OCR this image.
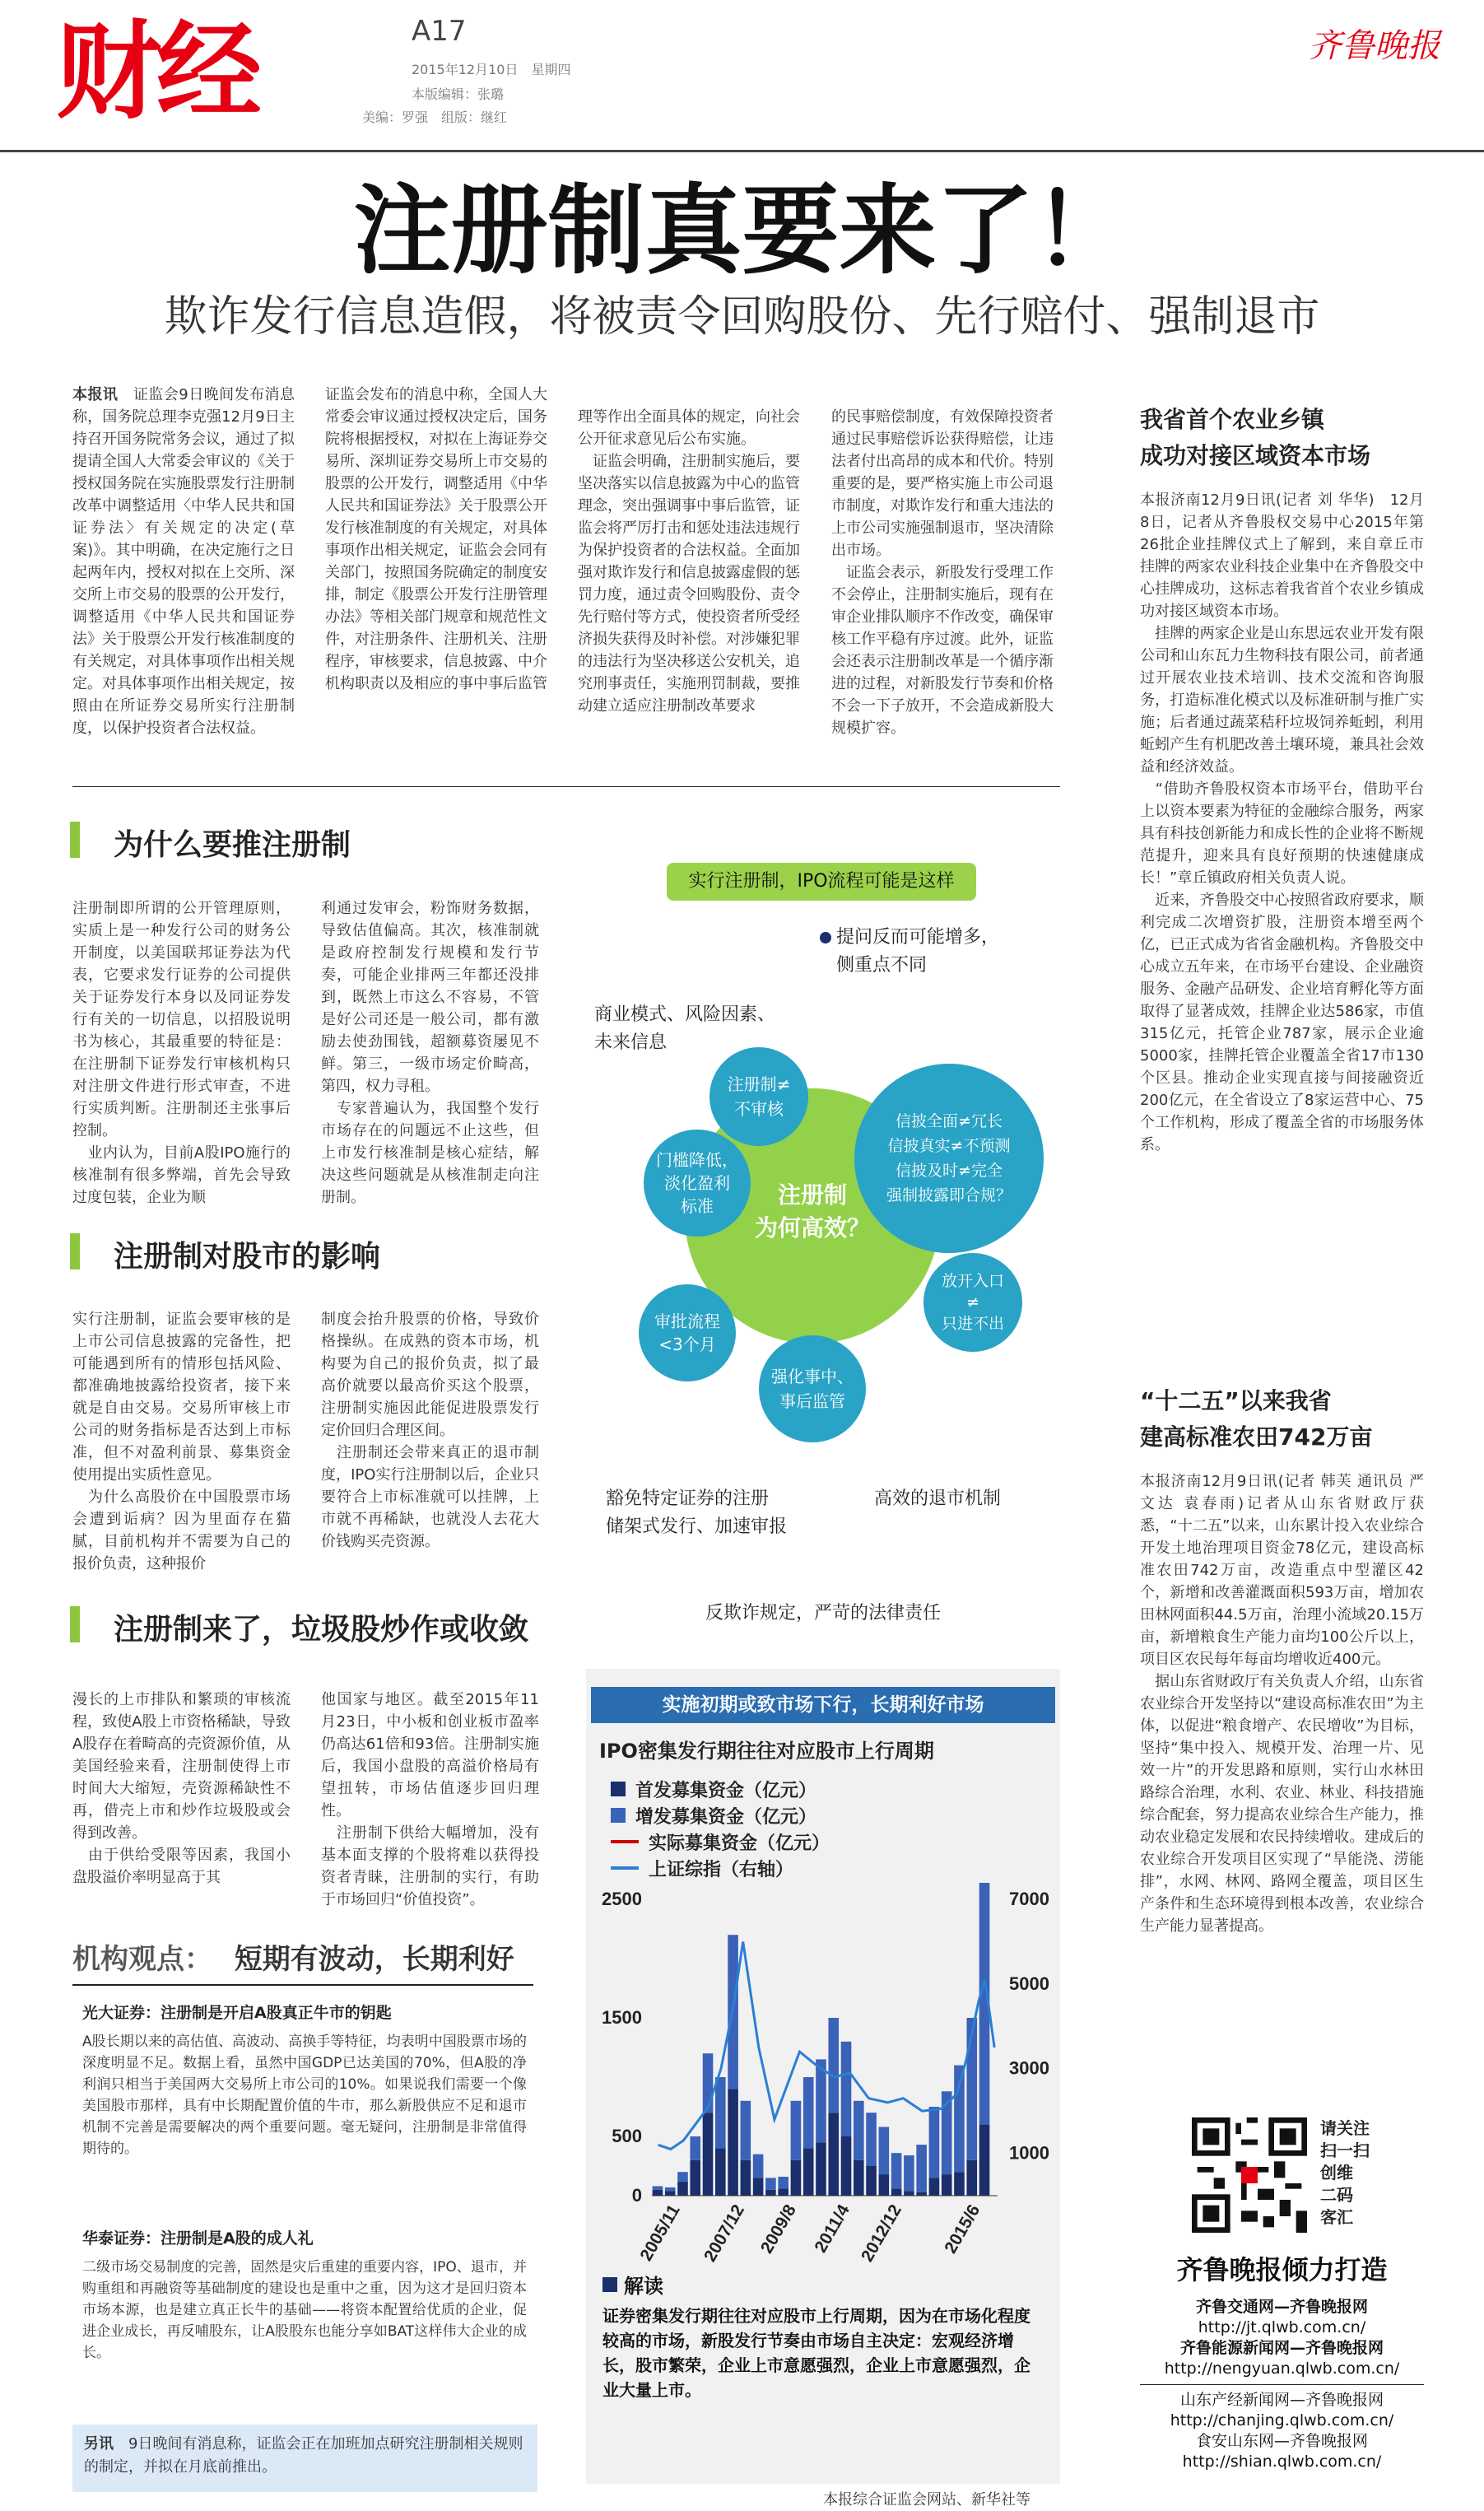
财经	A17
2015年12月10日　星期四
本版编辑：张璐
美编：罗强　组版：继红
齐鲁晚报
注册制真要来了！
欺诈发行信息造假，将被责令回购股份、先行赔付、强制退市
本报讯　 证监会9日晚间发布消息称，国务院总理李克强12月9日主持召开国务院常务会议，通过了拟提请全国人大常委会审议的《关于授权国务院在实施股票发行注册制改革中调整适用〈中华人民共和国证券法〉有关规定的决定(草案)》。其中明确，在决定施行之日起两年内，授权对拟在上交所、深交所上市交易的股票的公开发行，调整适用《中华人民共和国证券法》关于股票公开发行核准制度的有关规定，对具体事项作出相关规定。对具体事项作出相关规定，按照由在所证券交易所实行注册制度，以保护投资者合法权益。
证监会发布的消息中称，全国人大常委会审议通过授权决定后，国务院将根据授权，对拟在上海证券交易所、深圳证券交易所上市交易的股票的公开发行，调整适用《中华人民共和国证券法》关于股票公开发行核准制度的有关规定，对具体事项作出相关规定，证监会会同有关部门，按照国务院确定的制度安排，制定《股票公开发行注册管理办法》等相关部门规章和规范性文件，对注册条件、注册机关、注册程序，审核要求，信息披露、中介机构职责以及相应的事中事后监管

理等作出全面具体的规定，向社会公开征求意见后公布实施。
　证监会明确，注册制实施后，要坚决落实以信息披露为中心的监管理念，突出强调事中事后监管，证监会将严厉打击和惩处违法违规行为保护投资者的合法权益。全面加强对欺诈发行和信息披露虚假的惩罚力度，通过责令回购股份、责令先行赔付等方式，使投资者所受经济损失获得及时补偿。对涉嫌犯罪的违法行为坚决移送公安机关，追究刑事责任，实施刑罚制裁，要推动建立适应注册制改革要求

的民事赔偿制度，有效保障投资者通过民事赔偿诉讼获得赔偿，让违法者付出高昂的成本和代价。特别重要的是，要严格实施上市公司退市制度，对欺诈发行和重大违法的上市公司实施强制退市，坚决清除出市场。
　证监会表示，新股发行受理工作不会停止，注册制实施后，现有在审企业排队顺序不作改变，确保审核工作平稳有序过渡。此外，证监会还表示注册制改革是一个循序渐进的过程，对新股发行节奏和价格不会一下子放开，不会造成新股大规模扩容。

为什么要推注册制

注册制即所谓的公开管理原则，实质上是一种发行公司的财务公开制度，以美国联邦证券法为代表，它要求发行证券的公司提供关于证券发行本身以及同证券发行有关的一切信息，以招股说明书为核心，其最重要的特征是：在注册制下证券发行审核机构只对注册文件进行形式审查，不进行实质判断。注册制还主张事后控制。
　业内认为，目前A股IPO施行的核准制有很多弊端，首先会导致过度包装，企业为顺

利通过发审会，粉饰财务数据，导致估值偏高。其次，核准制就是政府控制发行规模和发行节奏，可能企业排两三年都还没排到，既然上市这么不容易，不管是好公司还是一般公司，都有激励去使劲围钱，超额募资屡见不鲜。第三，一级市场定价畸高，第四，权力寻租。
　专家普遍认为，我国整个发行市场存在的问题远不止这些，但上市发行核准制是核心症结，解决这些问题就是从核准制走向注册制。

注册制对股市的影响

实行注册制，证监会要审核的是上市公司信息披露的完备性，把可能遇到所有的情形包括风险、都准确地披露给投资者，接下来就是自由交易。交易所审核上市公司的财务指标是否达到上市标准，但不对盈利前景、募集资金使用提出实质性意见。
　为什么高股价在中国股票市场会遭到诟病？因为里面存在猫腻，目前机构并不需要为自己的报价负责，这种报价

制度会抬升股票的价格，导致价格操纵。在成熟的资本市场，机构要为自己的报价负责，拟了最高价就要以最高价买这个股票，注册制实施因此能促进股票发行定价回归合理区间。
　注册制还会带来真正的退市制度，IPO实行注册制以后，企业只要符合上市标准就可以挂牌，上市就不再稀缺，也就没人去花大价钱购买壳资源。

注册制来了，垃圾股炒作或收敛

漫长的上市排队和繁琐的审核流程，致使A股上市资格稀缺，导致A股存在着畸高的壳资源价值，从美国经验来看，注册制使得上市时间大大缩短，壳资源稀缺性不再，借壳上市和炒作垃圾股或会得到改善。
　由于供给受限等因素，我国小盘股溢价率明显高于其

他国家与地区。截至2015年11月23日，中小板和创业板市盈率仍高达61倍和93倍。注册制实施后，我国小盘股的高溢价格局有望扭转，市场估值逐步回归理性。
　注册制下供给大幅增加，没有基本面支撑的个股将难以获得投资者青睐，注册制的实行，有助于市场回归“价值投资”。

机构观点： 短期有波动，长期利好
光大证券：注册制是开启A股真正牛市的钥匙
A股长期以来的高估值、高波动、高换手等特征，均表明中国股票市场的深度明显不足。数据上看，虽然中国GDP已达美国的70%，但A股的净利润只相当于美国两大交易所上市公司的10%。如果说我们需要一个像美国股市那样，具有中长期配置价值的牛市，那么新股供应不足和退市机制不完善是需要解决的两个重要问题。毫无疑问，注册制是非常值得期待的。
华泰证券：注册制是A股的成人礼
二级市场交易制度的完善，固然是灾后重建的重要内容，IPO、退市，并购重组和再融资等基础制度的建设也是重中之重，因为这才是回归资本市场本源，也是建立真正长牛的基础——将资本配置给优质的企业，促进企业成长，再反哺股东，让A股股东也能分享如BAT这样伟大企业的成长。
另讯　 9日晚间有消息称，证监会正在加班加点研究注册制相关规则的制定，并拟在月底前推出。
实行注册制，IPO流程可能是这样
提问反而可能增多，
侧重点不同
商业模式、风险因素、
未来信息
注册制
为何高效？
注册制≠
不审核
信披全面≠冗长
信披真实≠不预测
信披及时≠完全
强制披露即合规？
门槛降低，
淡化盈利
标准
放开入口
≠
只进不出
审批流程
<3个月
强化事中、
事后监管
豁免特定证券的注册
储架式发行、加速审报
高效的退市机制
反欺诈规定，严苛的法律责任
实施初期或致市场下行，长期利好市场
IPO密集发行期往往对应股市上行周期
首发募集资金（亿元）
增发募集资金（亿元）
实际募集资金（亿元）
上证综指（右轴）
0
500
1500
2500
1000
3000
5000
7000
2005/11 2007/12 2009/8 2011/4 2012/12 2015/6
解读
证券密集发行期往往对应股市上行周期，因为在市场化程度较高的市场，新股发行节奏由市场自主决定：宏观经济增长，股市繁荣，企业上市意愿强烈，企业上市意愿强烈，企业大量上市。
本报综合证监会网站、新华社等
我省首个农业乡镇
成功对接区域资本市场
本报济南12月9日讯(记者 刘 华华)　12月8日，记者从齐鲁股权交易中心2015年第26批企业挂牌仪式上了解到，来自章丘市挂牌的两家农业科技企业集中在齐鲁股交中心挂牌成功，这标志着我省首个农业乡镇成功对接区域资本市场。
　挂牌的两家企业是山东思远农业开发有限公司和山东瓦力生物科技有限公司，前者通过开展农业技术培训、技术交流和咨询服务，打造标准化模式以及标准研制与推广实施；后者通过蔬菜秸秆垃圾饲养蚯蚓，利用蚯蚓产生有机肥改善土壤环境，兼具社会效益和经济效益。
　“借助齐鲁股权资本市场平台，借助平台上以资本要素为特征的金融综合服务，两家具有科技创新能力和成长性的企业将不断规范提升，迎来具有良好预期的快速健康成长！”章丘镇政府相关负责人说。
　近来，齐鲁股交中心按照省政府要求，顺利完成二次增资扩股，注册资本增至两个亿，已正式成为省省金融机构。齐鲁股交中心成立五年来，在市场平台建设、企业融资服务、金融产品研发、企业培育孵化等方面取得了显著成效，挂牌企业达586家，市值315亿元，托管企业787家，展示企业逾5000家，挂牌托管企业覆盖全省17市130个区县。推动企业实现直接与间接融资近200亿元，在全省设立了8家运营中心、75个工作机构，形成了覆盖全省的市场服务体系。
“十二五”以来我省
建高标准农田742万亩
本报济南12月9日讯(记者 韩芙 通讯员 严文达 袁春雨)记者从山东省财政厅获悉，“十二五”以来，山东累计投入农业综合开发土地治理项目资金78亿元，建设高标准农田742万亩，改造重点中型灌区42个，新增和改善灌溉面积593万亩，增加农田林网面积44.5万亩，治理小流域20.15万亩，新增粮食生产能力亩均100公斤以上，项目区农民每年每亩均增收近400元。
　据山东省财政厅有关负责人介绍，山东省农业综合开发坚持以“建设高标准农田”为主体，以促进“粮食增产、农民增收”为目标，坚持“集中投入、规模开发、治理一片、见效一片”的开发思路和原则，实行山水林田路综合治理，水利、农业、林业、科技措施综合配套，努力提高农业综合生产能力，推动农业稳定发展和农民持续增收。建成后的农业综合开发项目区实现了“旱能浇、涝能排”，水网、林网、路网全覆盖，项目区生产条件和生态环境得到根本改善，农业综合生产能力显著提高。
请关注
扫一扫
创维
二码
客汇
齐鲁晚报倾力打造
齐鲁交通网—齐鲁晚报网
http://jt.qlwb.com.cn/
齐鲁能源新闻网—齐鲁晚报网
http://nengyuan.qlwb.com.cn/
山东产经新闻网—齐鲁晚报网
http://chanjing.qlwb.com.cn/
食安山东网—齐鲁晚报网
http://shian.qlwb.com.cn/
